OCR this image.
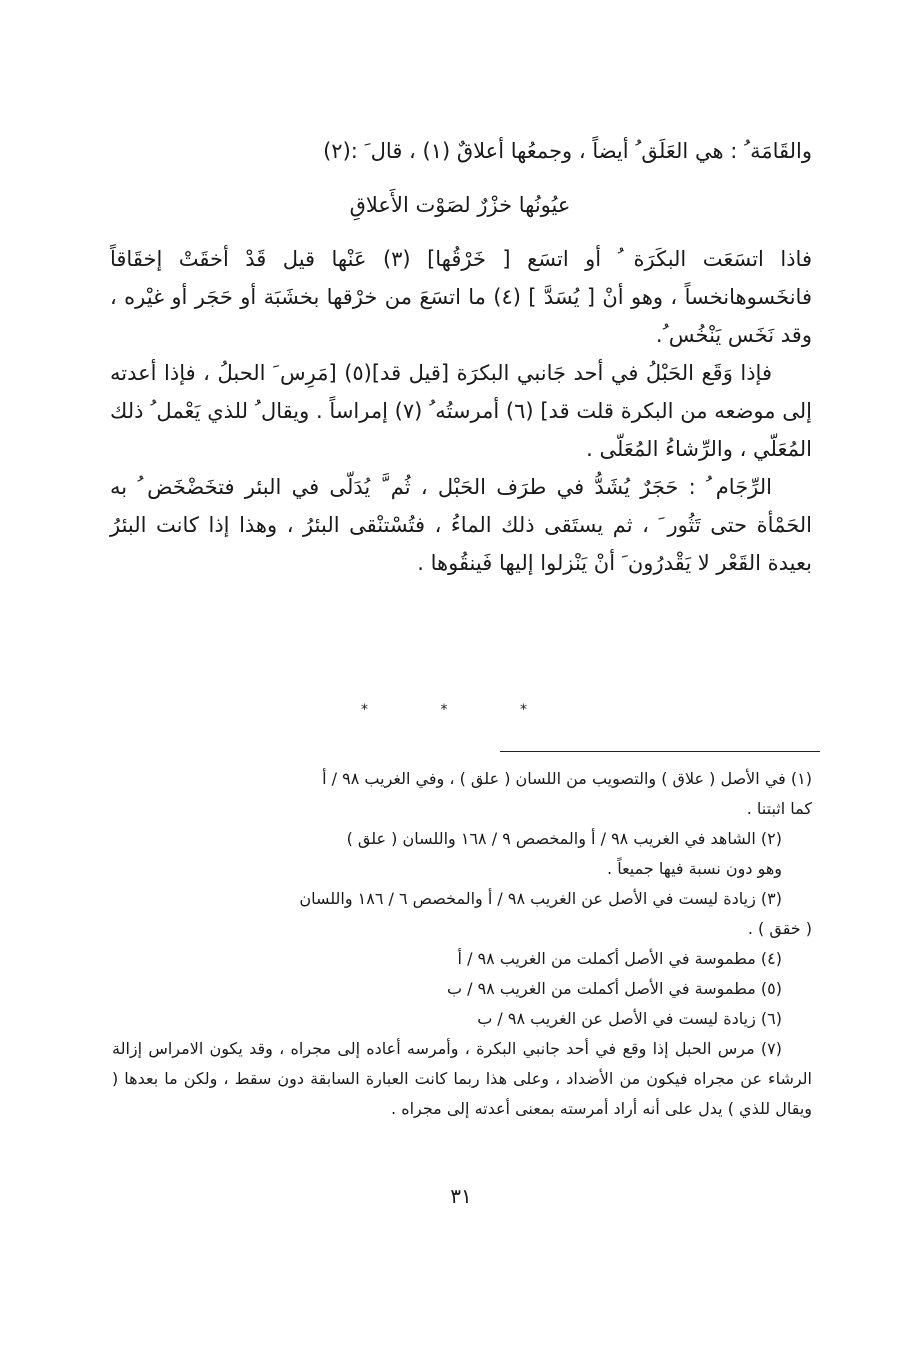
والقَامَة ُ : هي العَلَق ُ أيضاً ، وجمعُها أعلاقٌ (١) ، قال َ :(٢)

عيُونُها خزْرٌ لصَوْت الأَعلاقِ

فاذا اتسَعَت البكَرَة ُ أو اتسَع [ خَرْقُها] (٣) عَنْها قيل قَدْ أخقَتْ إخقَاقاً فانخَسوهانخساً ، وهو أنْ [ يُسَدَّ ] (٤) ما اتسَعَ من خرْقها بخشَبَة أو حَجَر أو غيْره ، وقد نَخَس يَنْخُس ُ.

فإذا وَقَع الحَبْلُ في أحد جَانبي البكرَة [قيل قد](٥) [مَرِس َ الحبلُ ، فإذا أعدته إلى موضعه من البكرة قلت قد] (٦) أمرستُه ُ (٧) إمراساً . ويقال ُ للذي يَعْمل ُ ذلك المُعَلّي ، والرِّشاءُ المُعَلّى .

الرِّجَام ُ : حَجَرٌ يُشَدُّ في طرَف الحَبْل ، ثُم َّ يُدَلّى في البئر فتخَضْخَض ُ به الحَمْأة حتى تَثُور َ ، ثم يستَقى ذلك الماءُ ، فتُسْتنْقى البئرُ ، وهذا إذا كانت البئرُ بعيدة القَعْر لا يَقْدرُون َ أنْ يَنْزلوا إليها فَينقُوها .

* * *

(١) في الأصل ( علاق ) والتصويب من اللسان ( علق ) ، وفي الغريب ٩٨ / أ

كما اثبتنا .

(٢) الشاهد في الغريب ٩٨ / أ والمخصص ٩ / ١٦٨ واللسان ( علق )

وهو دون نسبة فيها جميعاً .

(٣) زيادة ليست في الأصل عن الغريب ٩٨ / أ والمخصص ٦ / ١٨٦ واللسان

( خقق ) .

(٤) مطموسة في الأصل أكملت من الغريب ٩٨ / أ

(٥) مطموسة في الأصل أكملت من الغريب ٩٨ / ب

(٦) زيادة ليست في الأصل عن الغريب ٩٨ / ب

(٧) مرس الحبل إذا وقع في أحد جانبي البكرة ، وأمرسه أعاده إلى مجراه ، وقد يكون الامراس إزالة الرشاء عن مجراه فيكون من الأضداد ، وعلى هذا ربما كانت العبارة السابقة دون سقط ، ولكن ما بعدها ( ويقال للذي ) يدل على أنه أراد أمرسته بمعنى أعدته إلى مجراه .

٣١
